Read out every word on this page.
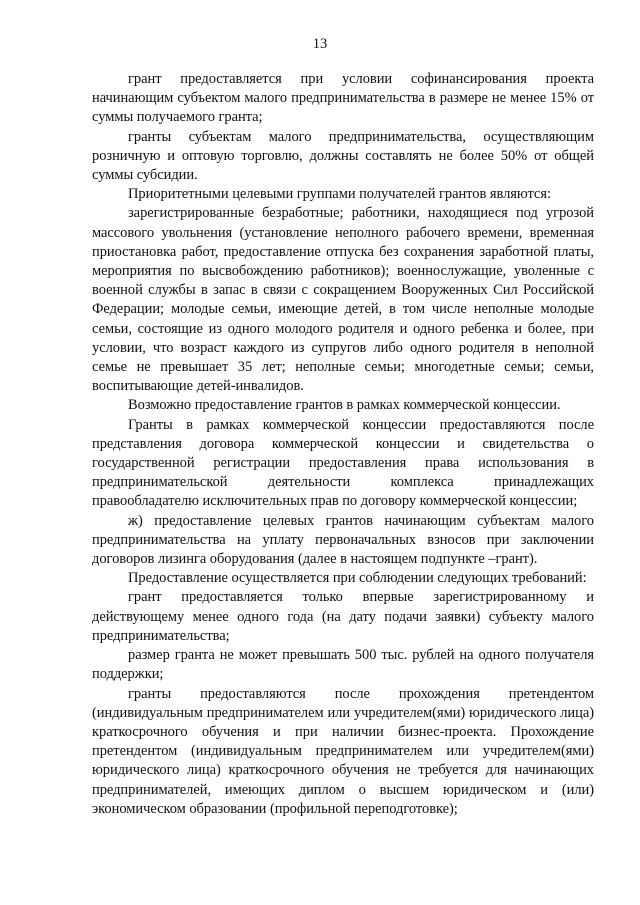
13

грант предоставляется при условии софинансирования проекта начинающим субъектом малого предпринимательства в размере не менее 15% от суммы получаемого гранта;

гранты субъектам малого предпринимательства, осуществляющим розничную и оптовую торговлю, должны составлять не более 50% от общей суммы субсидии.

Приоритетными целевыми группами получателей грантов являются:

зарегистрированные безработные; работники, находящиеся под угрозой массового увольнения (установление неполного рабочего времени, временная приостановка работ, предоставление отпуска без сохранения заработной платы, мероприятия по высвобождению работников); военнослужащие, уволенные с военной службы в запас в связи с сокращением Вооруженных Сил Российской Федерации; молодые семьи, имеющие детей, в том числе неполные молодые семьи, состоящие из одного молодого родителя и одного ребенка и более, при условии, что возраст каждого из супругов либо одного родителя в неполной семье не превышает 35 лет; неполные семьи; многодетные семьи; семьи, воспитывающие детей-инвалидов.

Возможно предоставление грантов в рамках коммерческой концессии.

Гранты в рамках коммерческой концессии предоставляются после представления договора коммерческой концессии и свидетельства о государственной регистрации предоставления права использования в предпринимательской деятельности комплекса принадлежащих правообладателю исключительных прав по договору коммерческой концессии;

ж) предоставление целевых грантов начинающим субъектам малого предпринимательства на уплату первоначальных взносов при заключении договоров лизинга оборудования (далее в настоящем подпункте –грант).

Предоставление осуществляется при соблюдении следующих требований:

грант предоставляется только впервые зарегистрированному и действующему менее одного года (на дату подачи заявки) субъекту малого предпринимательства;

размер гранта не может превышать 500 тыс. рублей на одного получателя поддержки;

гранты предоставляются после прохождения претендентом (индивидуальным предпринимателем или учредителем(ями) юридического лица) краткосрочного обучения и при наличии бизнес-проекта. Прохождение претендентом (индивидуальным предпринимателем или учредителем(ями) юридического лица) краткосрочного обучения не требуется для начинающих предпринимателей, имеющих диплом о высшем юридическом и (или) экономическом образовании (профильной переподготовке);
